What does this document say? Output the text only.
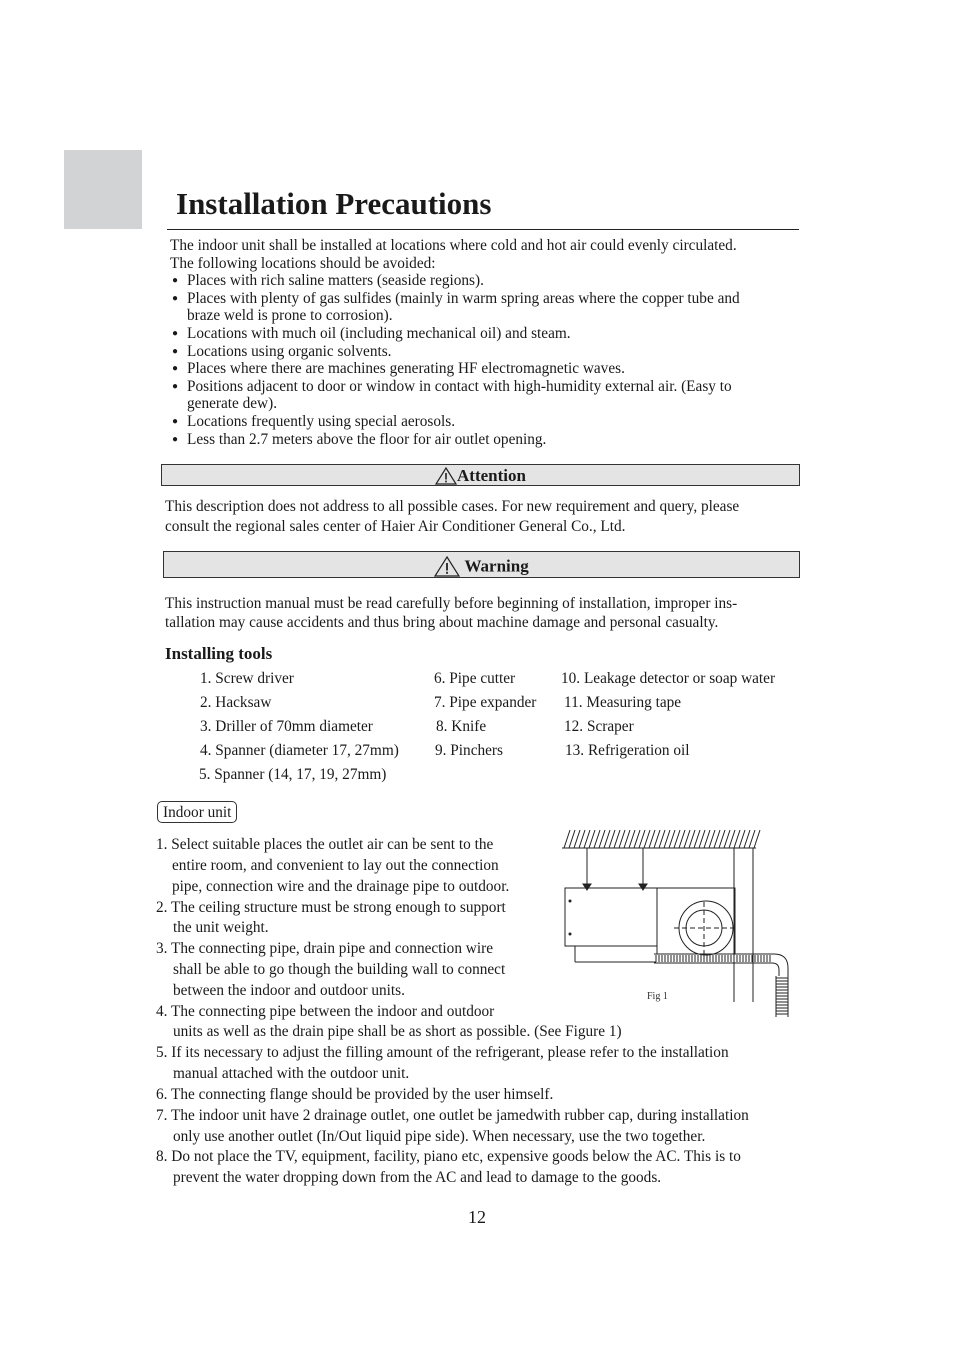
Installation Precautions
The indoor unit shall be installed at locations where cold and hot air could evenly circulated.
The following locations should be avoided:
● Places with rich saline matters (seaside regions).
● Places with plenty of gas sulfides (mainly in warm spring areas where the copper tube and
braze weld is prone to corrosion).
● Locations with much oil (including mechanical oil) and steam.
● Locations using organic solvents.
● Places where there are machines generating HF electromagnetic waves.
● Positions adjacent to door or window in contact with high-humidity external air. (Easy to
generate dew).
● Locations frequently using special aerosols.
● Less than 2.7 meters above the floor for air outlet opening.
Attention
This description does not address to all possible cases. For new requirement and query, please
consult the regional sales center of Haier Air Conditioner General Co., Ltd.
Warning
This instruction manual must be read carefully before beginning of installation, improper ins-
tallation may cause accidents and thus bring about machine damage and personal casualty.
Installing tools
1. Screw driver
2. Hacksaw
3. Driller of 70mm diameter
4. Spanner (diameter 17, 27mm)
5. Spanner (14, 17, 19, 27mm)
6. Pipe cutter
7. Pipe expander
8. Knife
9. Pinchers
10. Leakage detector or soap water
11. Measuring tape
12. Scraper
13. Refrigeration oil
Indoor unit
1. Select suitable places the outlet air can be sent to the
entire room, and convenient to lay out the connection
pipe, connection wire and the drainage pipe to outdoor.
2. The ceiling structure must be strong enough to support
the unit weight.
3. The connecting pipe, drain pipe and connection wire
shall be able to go though the building wall to connect
between the indoor and outdoor units.
4. The connecting pipe between the indoor and outdoor
units as well as the drain pipe shall be as short as possible. (See Figure 1)
5. If its necessary to adjust the filling amount of the refrigerant, please refer to the installation
manual attached with the outdoor unit.
6. The connecting flange should be provided by the user himself.
7. The indoor unit have 2 drainage outlet, one outlet be jamedwith rubber cap, during installation
only use another outlet (In/Out liquid pipe side). When necessary, use the two together.
8. Do not place the TV, equipment, facility, piano etc, expensive goods below the AC. This is to
prevent the water dropping down from the AC and lead to damage to the goods.
Fig 1
12
